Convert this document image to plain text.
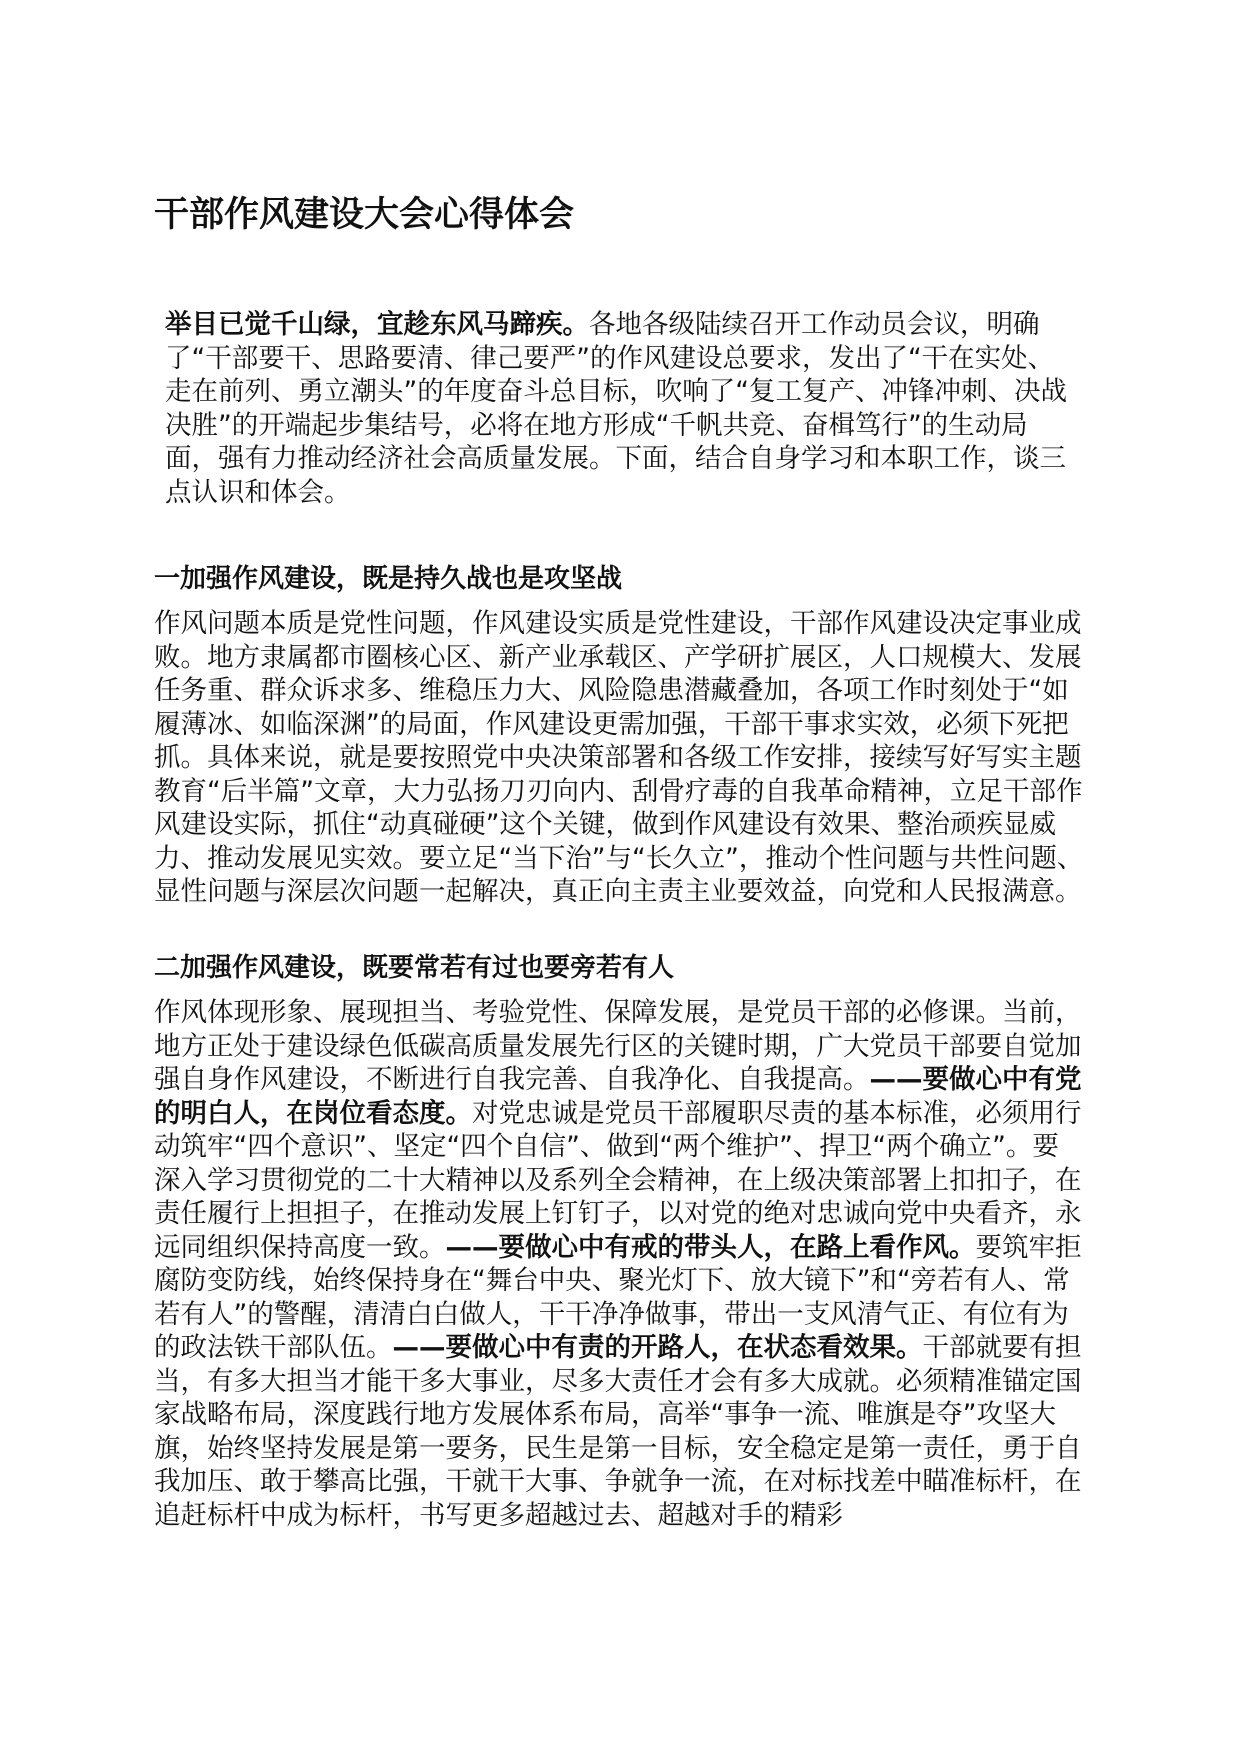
干部作风建设大会心得体会

举目已觉千山绿，宜趁东风马蹄疾。各地各级陆续召开工作动员会议，明确了“干部要干、思路要清、律己要严”的作风建设总要求，发出了“干在实处、走在前列、勇立潮头”的年度奋斗总目标，吹响了“复工复产、冲锋冲刺、决战决胜”的开端起步集结号，必将在地方形成“千帆共竞、奋楫笃行”的生动局面，强有力推动经济社会高质量发展。下面，结合自身学习和本职工作，谈三点认识和体会。

一加强作风建设，既是持久战也是攻坚战

作风问题本质是党性问题，作风建设实质是党性建设，干部作风建设决定事业成败。地方隶属都市圈核心区、新产业承载区、产学研扩展区，人口规模大、发展任务重、群众诉求多、维稳压力大、风险隐患潜藏叠加，各项工作时刻处于“如履薄冰、如临深渊”的局面，作风建设更需加强，干部干事求实效，必须下死把抓。具体来说，就是要按照党中央决策部署和各级工作安排，接续写好写实主题教育“后半篇”文章，大力弘扬刀刃向内、刮骨疗毒的自我革命精神，立足干部作风建设实际，抓住“动真碰硬”这个关键，做到作风建设有效果、整治顽疾显威力、推动发展见实效。要立足“当下治”与“长久立”，推动个性问题与共性问题、显性问题与深层次问题一起解决，真正向主责主业要效益，向党和人民报满意。

二加强作风建设，既要常若有过也要旁若有人

作风体现形象、展现担当、考验党性、保障发展，是党员干部的必修课。当前，地方正处于建设绿色低碳高质量发展先行区的关键时期，广大党员干部要自觉加强自身作风建设，不断进行自我完善、自我净化、自我提高。——要做心中有党的明白人，在岗位看态度。对党忠诚是党员干部履职尽责的基本标准，必须用行动筑牢“四个意识”、坚定“四个自信”、做到“两个维护”、捍卫“两个确立”。要深入学习贯彻党的二十大精神以及系列全会精神，在上级决策部署上扣扣子，在责任履行上担担子，在推动发展上钉钉子，以对党的绝对忠诚向党中央看齐，永远同组织保持高度一致。——要做心中有戒的带头人，在路上看作风。要筑牢拒腐防变防线，始终保持身在“舞台中央、聚光灯下、放大镜下”和“旁若有人、常若有人”的警醒，清清白白做人，干干净净做事，带出一支风清气正、有位有为的政法铁干部队伍。——要做心中有责的开路人，在状态看效果。干部就要有担当，有多大担当才能干多大事业，尽多大责任才会有多大成就。必须精准锚定国家战略布局，深度践行地方发展体系布局，高举“事争一流、唯旗是夺”攻坚大旗，始终坚持发展是第一要务，民生是第一目标，安全稳定是第一责任，勇于自我加压、敢于攀高比强，干就干大事、争就争一流，在对标找差中瞄准标杆，在追赶标杆中成为标杆，书写更多超越过去、超越对手的精彩
